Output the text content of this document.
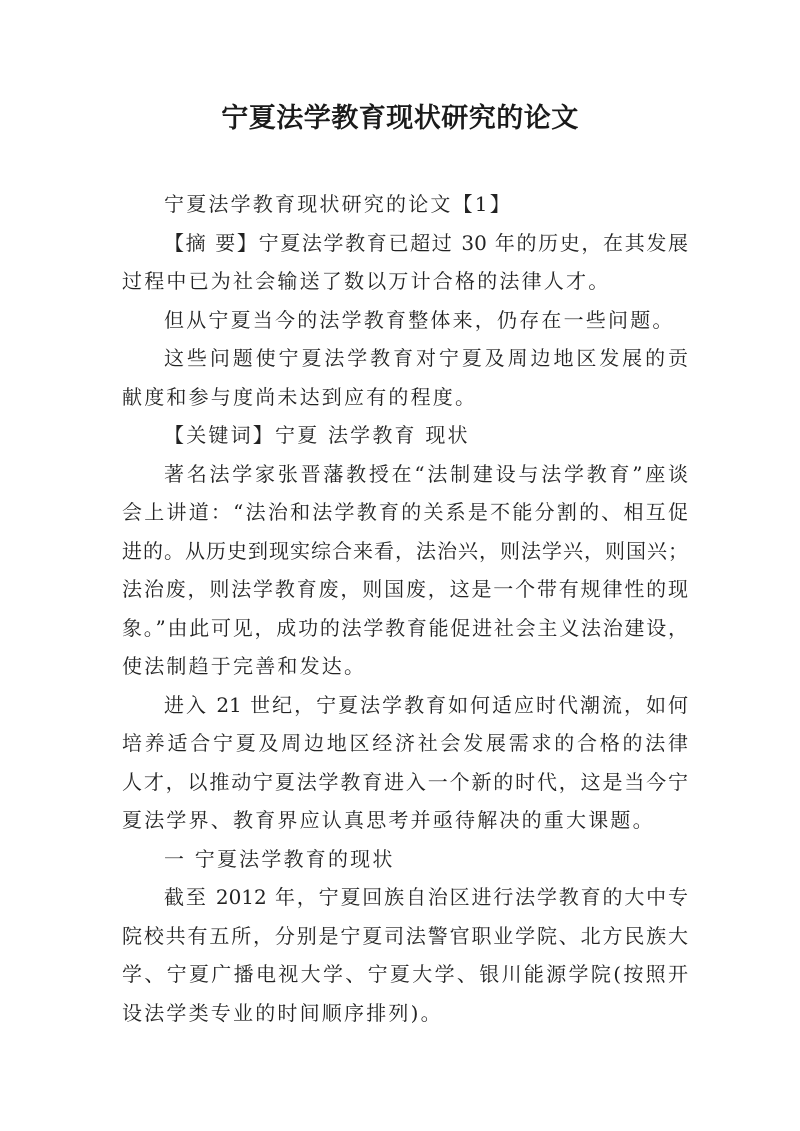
宁夏法学教育现状研究的论文
宁夏法学教育现状研究的论文【1】
【摘 要】宁夏法学教育已超过 30 年的历史，在其发展
过程中已为社会输送了数以万计合格的法律人才。
但从宁夏当今的法学教育整体来，仍存在一些问题。
这些问题使宁夏法学教育对宁夏及周边地区发展的贡
献度和参与度尚未达到应有的程度。
【关键词】宁夏 法学教育 现状
著名法学家张晋藩教授在“法制建设与法学教育”座谈
会上讲道：“法治和法学教育的关系是不能分割的、相互促
进的。从历史到现实综合来看，法治兴，则法学兴，则国兴；
法治废，则法学教育废，则国废，这是一个带有规律性的现
象。”由此可见，成功的法学教育能促进社会主义法治建设，
使法制趋于完善和发达。
进入 21 世纪，宁夏法学教育如何适应时代潮流，如何
培养适合宁夏及周边地区经济社会发展需求的合格的法律
人才，以推动宁夏法学教育进入一个新的时代，这是当今宁
夏法学界、教育界应认真思考并亟待解决的重大课题。
一 宁夏法学教育的现状
截至 2012 年，宁夏回族自治区进行法学教育的大中专
院校共有五所，分别是宁夏司法警官职业学院、北方民族大
学、宁夏广播电视大学、宁夏大学、银川能源学院(按照开
设法学类专业的时间顺序排列)。
